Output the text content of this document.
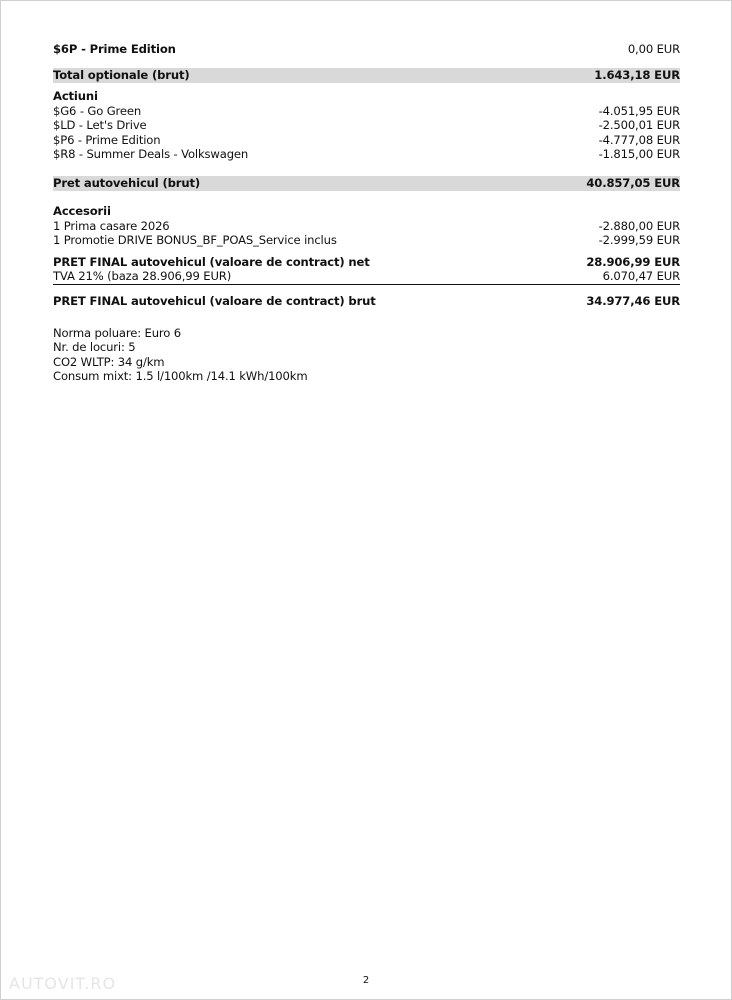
$6P - Prime Edition	0,00 EUR
Total optionale (brut)	1.643,18 EUR
Actiuni
$G6 - Go Green	-4.051,95 EUR
$LD - Let's Drive	-2.500,01 EUR
$P6 - Prime Edition	-4.777,08 EUR
$R8 - Summer Deals - Volkswagen	-1.815,00 EUR
Pret autovehicul (brut)	40.857,05 EUR
Accesorii
1 Prima casare 2026	-2.880,00 EUR
1 Promotie DRIVE BONUS_BF_POAS_Service inclus	-2.999,59 EUR
PRET FINAL autovehicul (valoare de contract) net	28.906,99 EUR
TVA 21% (baza 28.906,99 EUR)	6.070,47 EUR
PRET FINAL autovehicul (valoare de contract) brut	34.977,46 EUR
Norma poluare: Euro 6
Nr. de locuri: 5
CO2 WLTP: 34 g/km
Consum mixt: 1.5 l/100km /14.1 kWh/100km
AUTOVIT.RO	2
